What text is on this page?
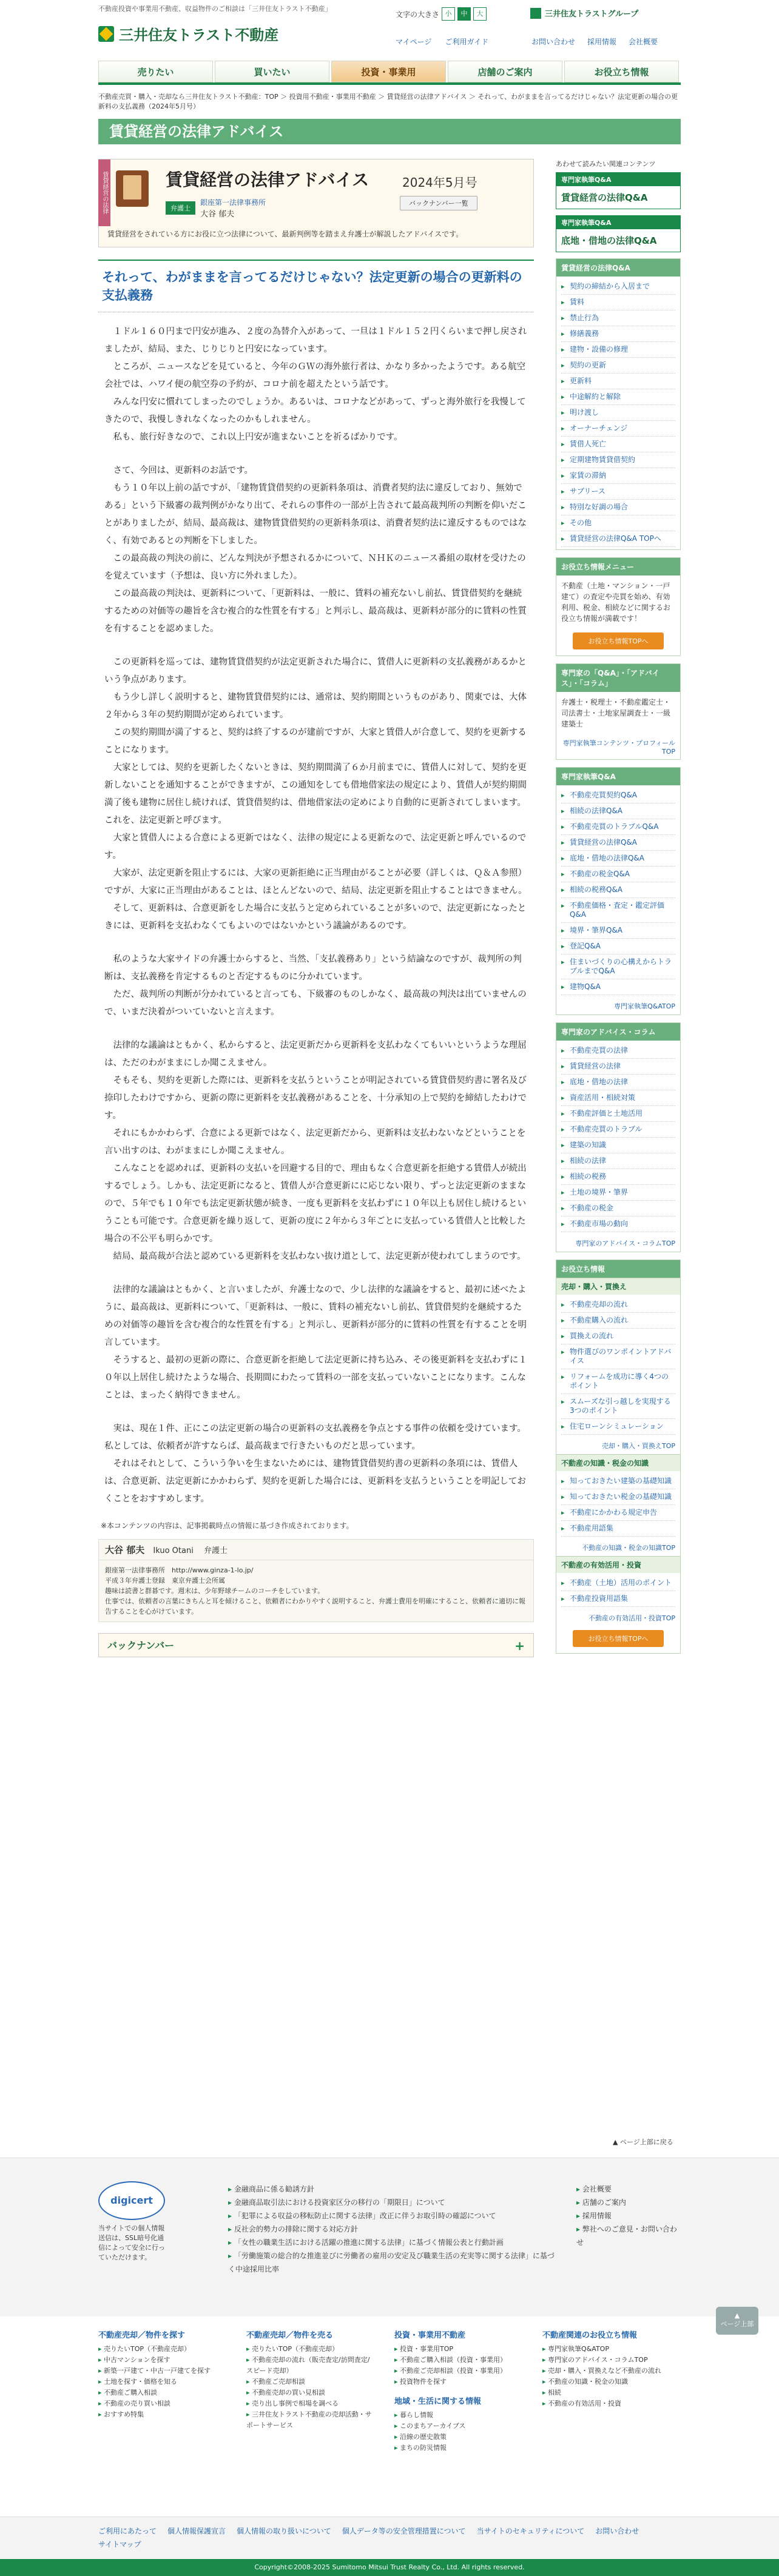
不動産投資や事業用不動産、収益物件のご相談は「三井住友トラスト不動産」
三井住友トラスト不動産
文字の大きさ 小	中	大	三井住友トラストグループ
マイページ ご利用ガイド	お問い合わせ 採用情報 会社概要
売りたい	買いたい	投資・事業用	店舗のご案内	お役立ち情報
不動産売買・購入・売却なら三井住友トラスト不動産：TOP ＞ 投資用不動産・事業用不動産 ＞ 賃貸経営の法律アドバイス ＞ それって、わがままを言ってるだけじゃない？法定更新の場合の更新料の支払義務（2024年5月号）
賃貸経営の法律アドバイス
賃貸経営の法律	賃貸経営の法律アドバイス	2024年5月号
バックナンバー一覧
弁護士
銀座第一法律事務所
大谷 郁夫
賃貸経営をされている方にお役に立つ法律について、最新判例等を踏まえ弁護士が解説したアドバイスです。
それって、わがままを言ってるだけじゃない？法定更新の場合の更新料の支払義務

１ドル１６０円まで円安が進み、２度の為替介入があって、一旦は１ドル１５２円くらいまで押し戻されましたが、結局、また、じりじりと円安になっています。

ところが、ニュースなどを見ていると、今年のＧＷの海外旅行者は、かなり多かったようです。ある航空会社では、ハワイ便の航空券の予約が、コロナ前を超えたという話です。

みんな円安に慣れてしまったのでしょうか。あるいは、コロナなどがあって、ずっと海外旅行を我慢してきたので、我慢しきれなくなったのかもしれません。

私も、旅行好きなので、これ以上円安が進まないことを祈るばかりです。

さて、今回は、更新料のお話です。

もう１０年以上前の話ですが、「建物賃貸借契約の更新料条項は、消費者契約法に違反しており、無効である」という下級審の裁判例がかなり出て、それらの事件の一部が上告されて最高裁判所の判断を仰いだことがありましたが、結局、最高裁は、建物賃貸借契約の更新料条項は、消費者契約法に違反するものではなく、有効であるとの判断を下しました。

この最高裁の判決の前に、どんな判決が予想されるかについて、ＮＨＫのニュース番組の取材を受けたのを覚えています（予想は、良い方に外れました）。

この最高裁の判決は、更新料について、「更新料は、一般に、賃料の補充ないし前払、賃貸借契約を継続するための対価等の趣旨を含む複合的な性質を有する」と判示し、最高裁は、更新料が部分的に賃料の性質を有することを認めました。

この更新料を巡っては、建物賃貸借契約が法定更新された場合に、賃借人に更新料の支払義務があるかという争点があります。

もう少し詳しく説明すると、建物賃貸借契約には、通常は、契約期間というものがあり、関東では、大体２年から３年の契約期間が定められています。

この契約期間が満了すると、契約は終了するのが建前ですが、大家と賃借人が合意して、契約を更新することになります。

大家としては、契約を更新したくないときは、契約期間満了６か月前までに、賃借人に対して、契約を更新しないことを通知することができますが、この通知をしても借地借家法の規定により、賃借人が契約期間満了後も建物に居住し続ければ、賃貸借契約は、借地借家法の定めにより自動的に更新されてしまいます。これを、法定更新と呼びます。

大家と賃借人による合意による更新ではなく、法律の規定による更新なので、法定更新と呼んでいるのです。

大家が、法定更新を阻止するには、大家の更新拒絶に正当理由がることが必要（詳しくは、Ｑ＆Ａ参照）ですが、大家に正当理由があることは、ほとんどないので、結局、法定更新を阻止することはできません。

そして、更新料は、合意更新をした場合に支払うと定められていることが多いので、法定更新になったときには、更新料を支払わなくてもよいのではないかという議論があるのです。

私のような大家サイドの弁護士からすると、当然、「支払義務あり」という結論なのですが、裁判所の判断は、支払義務を肯定するものと否定するものに分かれています。

ただ、裁判所の判断が分かれていると言っても、下級審のものしかなく、最高裁の判決は出ていませんので、いまだ決着がついていないと言えます。

法律的な議論はともかく、私からすると、法定更新だから更新料を支払わなくてもいいというような理屈は、ただのわがままにしか聞こえません。

そもそも、契約を更新した際には、更新料を支払うということが明記されている賃貸借契約書に署名及び捺印したわけですから、更新の際に更新料を支払義務があることを、十分承知の上で契約を締結したわけです。

それにもかかわらず、合意による更新ではなく、法定更新だから、更新料は支払わないなどということを言い出すのは、わがままにしか聞こえません。

こんなことを認めれば、更新料の支払いを回避する目的で、理由もなく合意更新を拒絶する賃借人が続出するでしょう。しかも、法定更新になると、賃借人が合意更新にに応じない限り、ずっと法定更新のままなので、５年でも１０年でも法定更新状態が続き、一度も更新料を支払わずに１０年以上も居住し続けるということも可能です。合意更新を繰り返して、更新の度に２年から３年ごとに支払っている賃借人と比較した場合の不公平も明らかです。

結局、最高裁が合法と認めている更新料を支払わない抜け道として、法定更新が使われてしまうのです。

法律的な議論はともかく、と言いましたが、弁護士なので、少し法律的な議論をすると、最初に述べたように、最高裁は、更新料について、「更新料は、一般に、賃料の補充ないし前払、賃貸借契約を継続するための対価等の趣旨を含む複合的な性質を有する」と判示し、更新料が部分的に賃料の性質を有することを明言しています。

そうすると、最初の更新の際に、合意更新を拒絶して法定更新に持ち込み、その後更新料を支払わずに１０年以上居住し続けたような場合、長期間にわたって賃料の一部を支払っていないことになります。こんなことは、まったく納得できません。

実は、現在１件、正にこの法定更新の場合の更新料の支払義務を争点とする事件の依頼を受けています。私としては、依頼者が許すならば、最高裁まで行きたいものだと思っています。

それはそれとして、こういう争いを生まないためには、建物賃貸借契約書の更新料の条項には、賃借人は、合意更新、法定更新にかかわらず、契約を更新した場合には、更新料を支払うということを明記しておくことをおすすめします。

※本コンテンツの内容は、記事掲載時点の情報に基づき作成されております。
大谷 郁夫 Ikuo Otani　 弁護士
銀座第一法律事務所　http://www.ginza-1-lo.jp/
平成３年弁護士登録　東京弁護士会所属
趣味は読書と群碁です。週末は、少年野球チームのコーチをしています。
仕事では、依頼者の言葉にきちんと耳を傾けること、依頼者にわかりやすく説明すること、弁護士費用を明確にすること、依頼者に適切に報告することを心がけています。
バックナンバー	+
あわせて読みたい関連コンテンツ
専門家執筆Q&A
賃貸経営の法律Q&A
専門家執筆Q&A
底地・借地の法律Q&A
賃貸経営の法律Q&A
▸ 契約の締結から入居まで
▸ 賃料
▸ 禁止行為
▸ 修繕義務
▸ 建物・設備の修理
▸ 契約の更新
▸ 更新料
▸ 中途解約と解除
▸ 明け渡し
▸ オーナーチェンジ
▸ 賃借人死亡
▸ 定期建物賃貸借契約
▸ 家賃の滞納
▸ サブリース
▸ 特別な好調の場合
▸ その他
▸ 賃貸経営の法律Q&A TOPへ
お役立ち情報メニュー
不動産（土地・マンション・一戸建て）の査定や売買を始め、有効利用、税金、相続などに関するお役立ち情報が満載です！
お役立ち情報TOPへ
専門家の「Q&A」・「アドバイス」・「コラム」
弁護士・税理士・不動産鑑定士・司法書士・土地家屋調査士・一級建築士
専門家執筆コンテンツ・プロフィールTOP
専門家執筆Q&A
▸ 不動産売買契約Q&A
▸ 相続の法律Q&A
▸ 不動産売買のトラブルQ&A
▸ 賃貸経営の法律Q&A
▸ 底地・借地の法律Q&A
▸ 不動産の税金Q&A
▸ 相続の税務Q&A
▸ 不動産価格・査定・鑑定評価Q&A
▸ 境界・筆界Q&A
▸ 登記Q&A
▸ 住まいづくりの心構えからトラブルまでQ&A
▸ 建物Q&A
専門家執筆Q&ATOP
専門家のアドバイス・コラム
▸ 不動産売買の法律
▸ 賃貸経営の法律
▸ 底地・借地の法律
▸ 資産活用・相続対策
▸ 不動産評価と土地活用
▸ 不動産売買のトラブル
▸ 建築の知識
▸ 相続の法律
▸ 相続の税務
▸ 土地の境界・筆界
▸ 不動産の税金
▸ 不動産市場の動向
専門家のアドバイス・コラムTOP
お役立ち情報
売却・購入・買換え
▸ 不動産売却の流れ
▸ 不動産購入の流れ
▸ 買換えの流れ
▸ 物件選びのワンポイントアドバイス
▸ リフォームを成功に導く4つのポイント
▸ スムーズな引っ越しを実現する3つのポイント
▸ 住宅ローンシミュレーション
売却・購入・買換えTOP
不動産の知識・税金の知識
▸ 知っておきたい建築の基礎知識
▸ 知っておきたい税金の基礎知識
▸ 不動産にかかわる規定申告
▸ 不動産用語集
不動産の知識・税金の知識TOP
不動産の有効活用・投資
▸ 不動産（土地）活用のポイント
▸ 不動産投資用語集
不動産の有効活用・投資TOP
お役立ち情報TOPへ
▲ ページ上部に戻る
digicert
当サイトでの個人情報送信は、SSL暗号化通信によって安全に行っていただけます。
▸ 金融商品に係る勧誘方針
▸ 金融商品取引法における投資家区分の移行の「期限日」について
▸ 「犯罪による収益の移転防止に関する法律」改正に伴うお取引時の確認について
▸ 反社会的勢力の排除に関する対応方針
▸ 「女性の職業生活における活躍の推進に関する法律」に基づく情報公表と行動計画
▸ 「労働施策の総合的な推進並びに労働者の雇用の安定及び職業生活の充実等に関する法律」に基づく中途採用比率
▸ 会社概要
▸ 店舗のご案内
▸ 採用情報
▸ 弊社へのご意見・お問い合わせ
不動産売却／物件を探す
▸ 売りたいTOP（不動産売却）
▸ 中古マンションを探す
▸ 新築一戸建て・中古一戸建てを探す
▸ 土地を探す・価格を知る
▸ 不動産ご購入相談
▸ 不動産の売り買い相談
▸ おすすめ特集
不動産売却／物件を売る
▸ 売りたいTOP（不動産売却）
▸ 不動産売却の流れ（販売査定/訪問査定/スピード売却）
▸ 不動産ご売却相談
▸ 不動産売却の買い見相談
▸ 売り出し事例で相場を調べる
▸ 三井住友トラスト不動産の売却活動・サポートサービス
投資・事業用不動産
▸ 投資・事業用TOP
▸ 不動産ご購入相談（投資・事業用）
▸ 不動産ご売却相談（投資・事業用）
▸ 投資物件を探す
地域・生活に関する情報
▸ 暮らし情報
▸ このまちアーカイブス
▸ 沿線の歴史散策
▸ まちの防災情報
不動産関連のお役立ち情報
▸ 専門家執筆Q&ATOP
▸ 専門家のアドバイス・コラムTOP
▸ 売却・購入・買換えなど不動産の流れ
▸ 不動産の知識・税金の知識
▸ 相続
▸ 不動産の有効活用・投資
ご利用にあたって 個人情報保護宣言 個人情報の取り扱いについて 個人データ等の安全管理措置について 当サイトのセキュリティについて お問い合わせサイトマップ
Copyright©2008-2025 Sumitomo Mitsui Trust Realty Co., Ltd. All rights reserved.
▲
ページ上部
